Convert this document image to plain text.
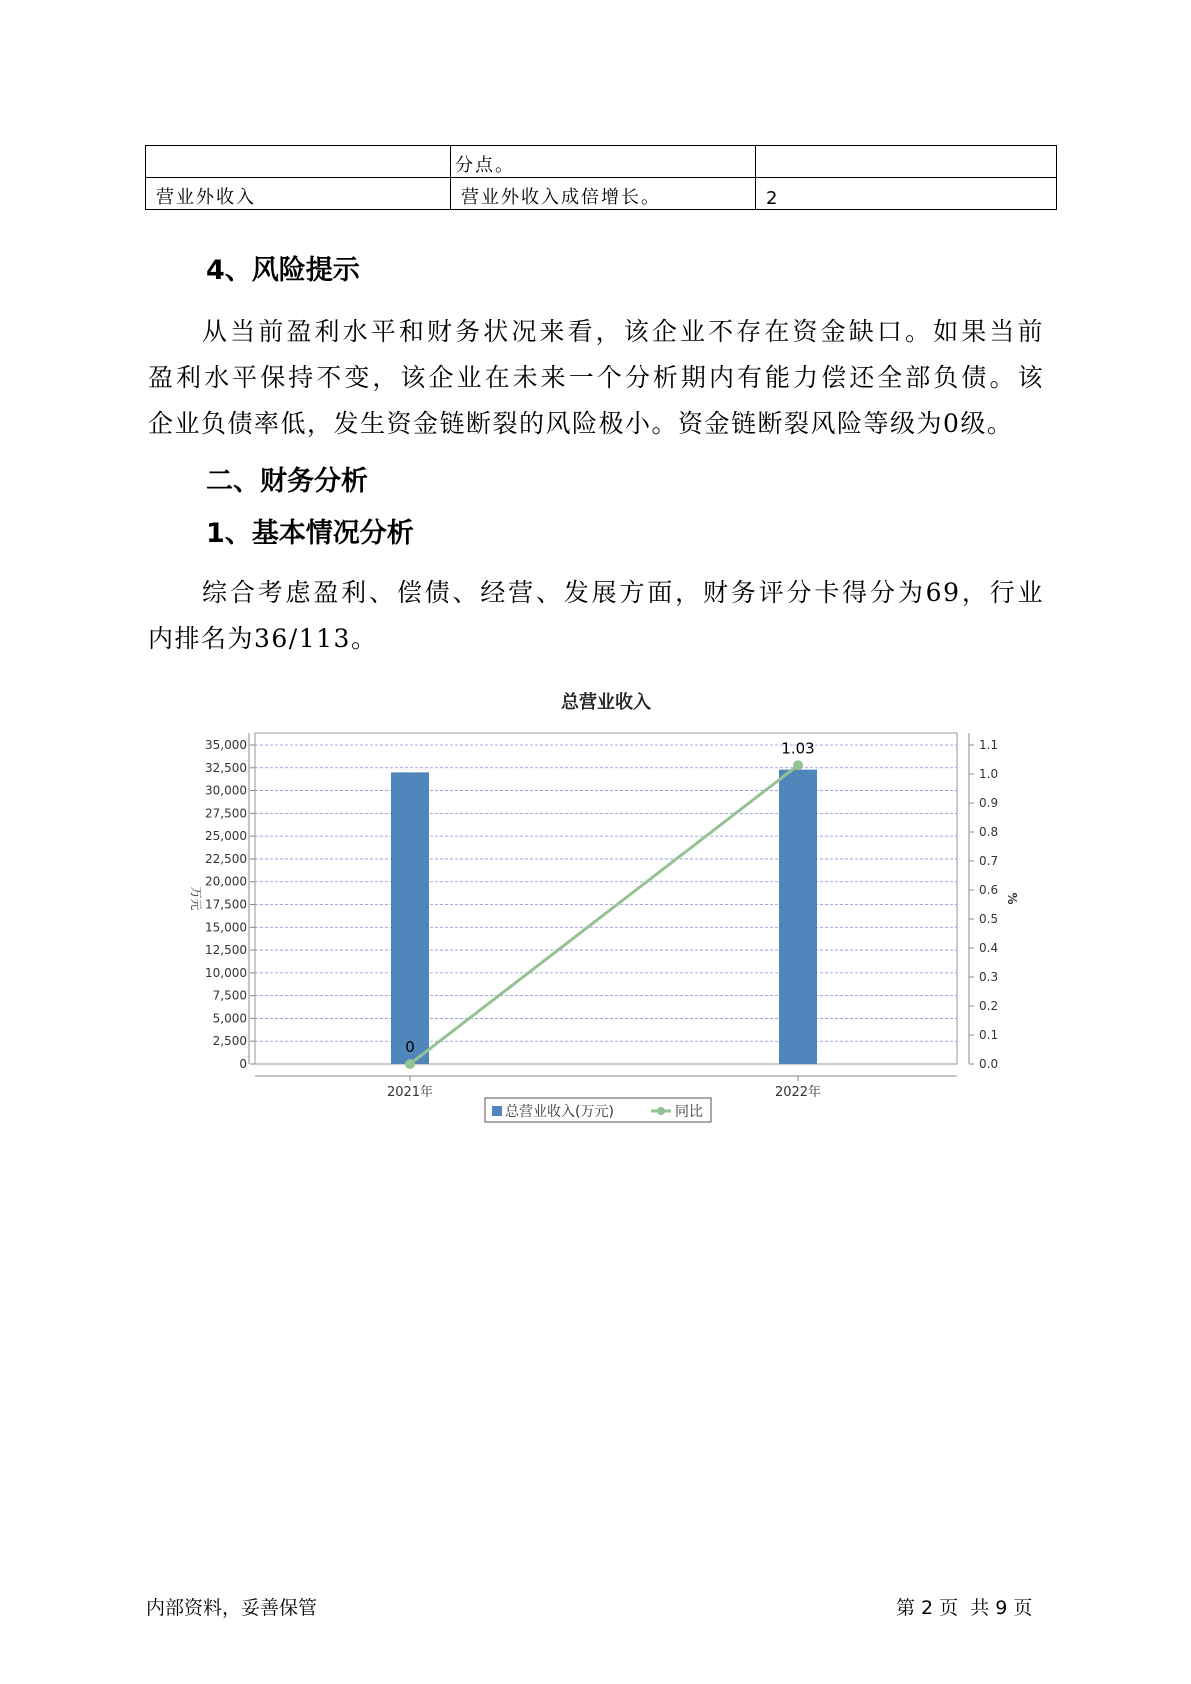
	分点。	
营业外收入	营业外收入成倍增长。	2
4、风险提示

从当前盈利水平和财务状况来看，该企业不存在资金缺口。如果当前

盈利水平保持不变，该企业在未来一个分析期内有能力偿还全部负债。该

企业负债率低，发生资金链断裂的风险极小。资金链断裂风险等级为0级。

二、财务分析
1、基本情况分析

综合考虑盈利、偿债、经营、发展方面，财务评分卡得分为69，行业

内排名为36/113。

总营业收入
0
2,500
5,000
7,500
10,000
12,500
15,000
17,500
20,000
22,500
25,000
27,500
30,000
32,500
35,000
0.0
0.1
0.2
0.3
0.4
0.5
0.6
0.7
0.8
0.9
1.0
1.1
万元	%
2021年	2022年
0
1.03
总营业收入(万元)	同比
内部资料，妥善保管	第 2 页  共 9 页
